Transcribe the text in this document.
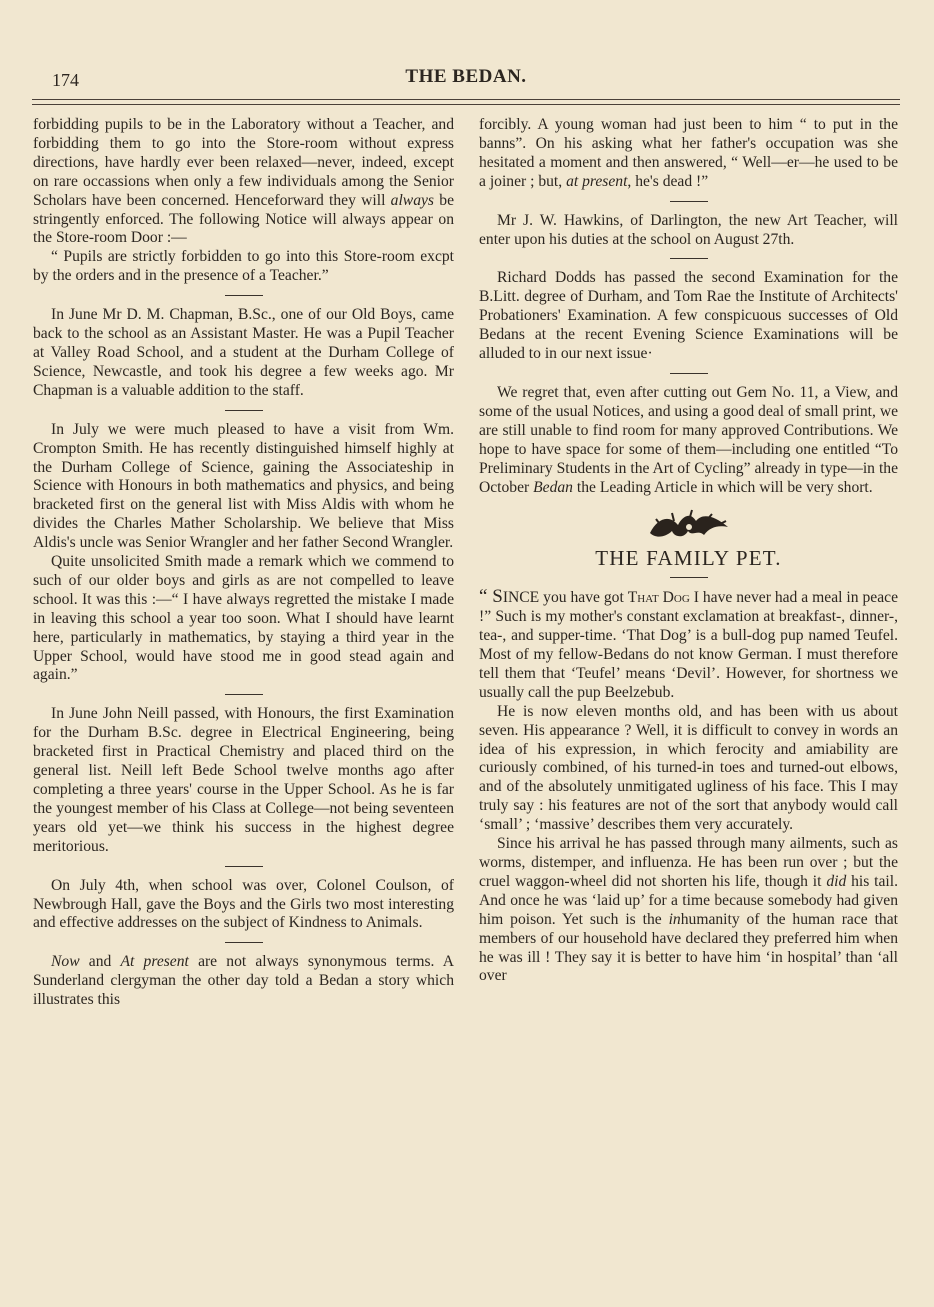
174	THE BEDAN.

forbidding pupils to be in the Laboratory without a Teacher, and forbidding them to go into the Store-room without express directions, have hardly ever been relaxed—never, indeed, except on rare occassions when only a few individuals among the Senior Scholars have been concerned. Henceforward they will always be stringently enforced. The following Notice will always appear on the Store-room Door :—

“ Pupils are strictly forbidden to go into this Store-room excpt by the orders and in the presence of a Teacher.”

In June Mr D. M. Chapman, B.Sc., one of our Old Boys, came back to the school as an Assistant Master. He was a Pupil Teacher at Valley Road School, and a student at the Durham College of Science, Newcastle, and took his degree a few weeks ago. Mr Chapman is a valuable addition to the staff.

In July we were much pleased to have a visit from Wm. Crompton Smith. He has recently distinguished himself highly at the Durham College of Science, gaining the Associateship in Science with Honours in both mathematics and physics, and being bracketed first on the general list with Miss Aldis with whom he divides the Charles Mather Scholarship. We believe that Miss Aldis's uncle was Senior Wrangler and her father Second Wrangler.

Quite unsolicited Smith made a remark which we commend to such of our older boys and girls as are not compelled to leave school. It was this :—“ I have always regretted the mistake I made in leaving this school a year too soon. What I should have learnt here, particularly in mathematics, by staying a third year in the Upper School, would have stood me in good stead again and again.”

In June John Neill passed, with Honours, the first Examination for the Durham B.Sc. degree in Electrical Engineering, being bracketed first in Practical Chemistry and placed third on the general list. Neill left Bede School twelve months ago after completing a three years' course in the Upper School. As he is far the youngest member of his Class at College—not being seventeen years old yet—we think his success in the highest degree meritorious.

On July 4th, when school was over, Colonel Coulson, of Newbrough Hall, gave the Boys and the Girls two most interesting and effective addresses on the subject of Kindness to Animals.

Now and At present are not always synonymous terms. A Sunderland clergyman the other day told a Bedan a story which illustrates this

forcibly. A young woman had just been to him “ to put in the banns”. On his asking what her father's occupation was she hesitated a moment and then answered, “ Well—er—he used to be a joiner ; but, at present, he's dead !”

Mr J. W. Hawkins, of Darlington, the new Art Teacher, will enter upon his duties at the school on August 27th.

Richard Dodds has passed the second Examination for the B.Litt. degree of Durham, and Tom Rae the Institute of Architects' Probationers' Examination. A few conspicuous successes of Old Bedans at the recent Evening Science Examinations will be alluded to in our next issue·

We regret that, even after cutting out Gem No. 11, a View, and some of the usual Notices, and using a good deal of small print, we are still unable to find room for many approved Contributions. We hope to have space for some of them—including one entitled “To Preliminary Students in the Art of Cycling” already in type—in the October Bedan the Leading Article in which will be very short.

THE FAMILY PET.

“ SINCE you have got That Dog I have never had a meal in peace !” Such is my mother's constant exclamation at breakfast-, dinner-, tea-, and supper-time. ‘That Dog’ is a bull-dog pup named Teufel. Most of my fellow-Bedans do not know German. I must therefore tell them that ‘Teufel’ means ‘Devil’. However, for shortness we usually call the pup Beelzebub.

He is now eleven months old, and has been with us about seven. His appearance ? Well, it is difficult to convey in words an idea of his expression, in which ferocity and amiability are curiously combined, of his turned-in toes and turned-out elbows, and of the absolutely unmitigated ugliness of his face. This I may truly say : his features are not of the sort that anybody would call ‘small’ ; ‘massive’ describes them very accurately.

Since his arrival he has passed through many ailments, such as worms, distemper, and influenza. He has been run over ; but the cruel waggon-wheel did not shorten his life, though it did his tail. And once he was ‘laid up’ for a time because somebody had given him poison. Yet such is the inhumanity of the human race that members of our household have declared they preferred him when he was ill ! They say it is better to have him ‘in hospital’ than ‘all over
